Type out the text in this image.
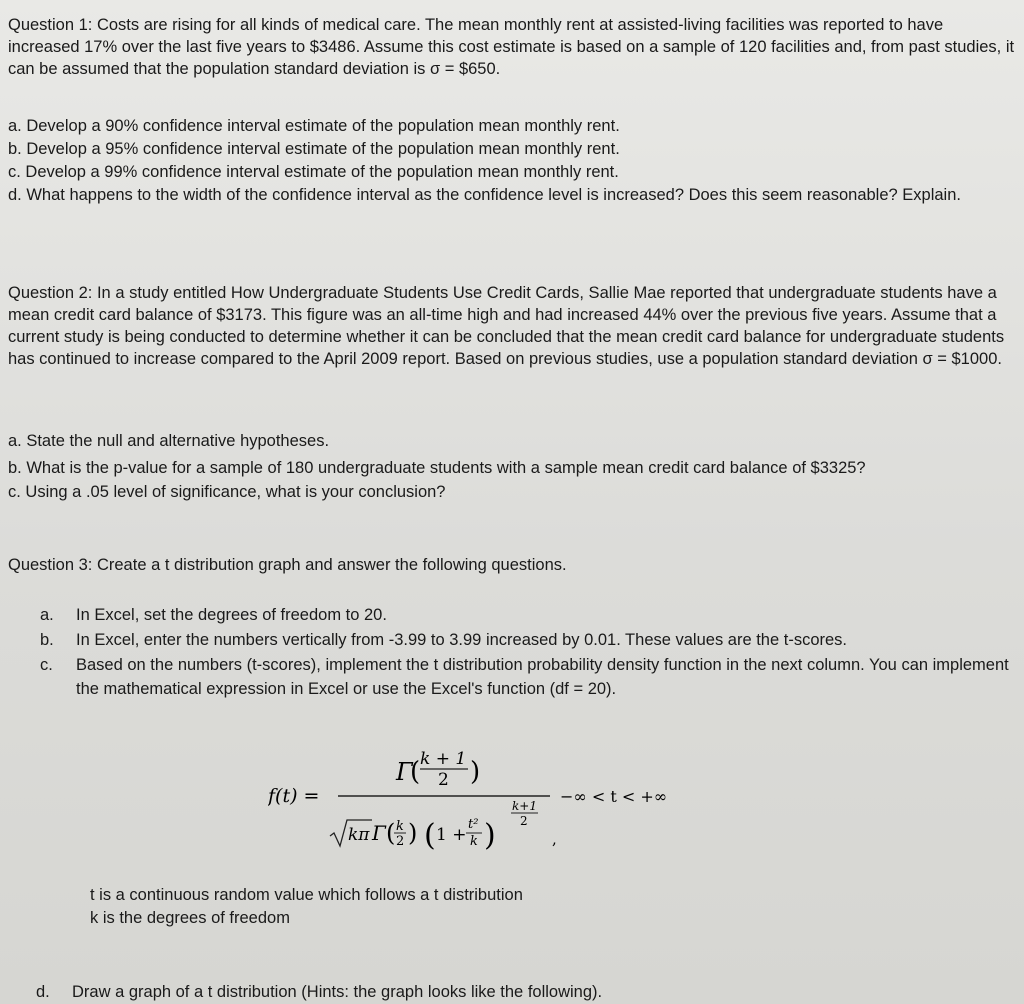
Question 1: Costs are rising for all kinds of medical care. The mean monthly rent at assisted-living facilities was reported to have increased 17% over the last five years to $3486. Assume this cost estimate is based on a sample of 120 facilities and, from past studies, it can be assumed that the population standard deviation is σ = $650.

a. Develop a 90% confidence interval estimate of the population mean monthly rent.

b. Develop a 95% confidence interval estimate of the population mean monthly rent.

c. Develop a 99% confidence interval estimate of the population mean monthly rent.

d. What happens to the width of the confidence interval as the confidence level is increased? Does this seem reasonable? Explain.

Question 2: In a study entitled How Undergraduate Students Use Credit Cards, Sallie Mae reported that undergraduate students have a mean credit card balance of $3173. This figure was an all-time high and had increased 44% over the previous five years. Assume that a current study is being conducted to determine whether it can be concluded that the mean credit card balance for undergraduate students has continued to increase compared to the April 2009 report. Based on previous studies, use a population standard deviation σ = $1000.

a. State the null and alternative hypotheses.

b. What is the p-value for a sample of 180 undergraduate students with a sample mean credit card balance of $3325?

c. Using a .05 level of significance, what is your conclusion?

Question 3: Create a t distribution graph and answer the following questions.

a.	In Excel, set the degrees of freedom to 20.
b.	In Excel, enter the numbers vertically from -3.99 to 3.99 increased by 0.01. These values are the t-scores.
c.	Based on the numbers (t-scores), implement the t distribution probability density function in the next column. You can implement the mathematical expression in Excel or use the Excel's function (df = 20).
f(t) =
Γ
( k + 1
2 )
kπ Γ ( k
2 ) ( 1 +
t²
k )
k+1
2
,
−∞ < t < +∞

t is a continuous random value which follows a t distribution

k is the degrees of freedom

d.	Draw a graph of a t distribution (Hints: the graph looks like the following).
